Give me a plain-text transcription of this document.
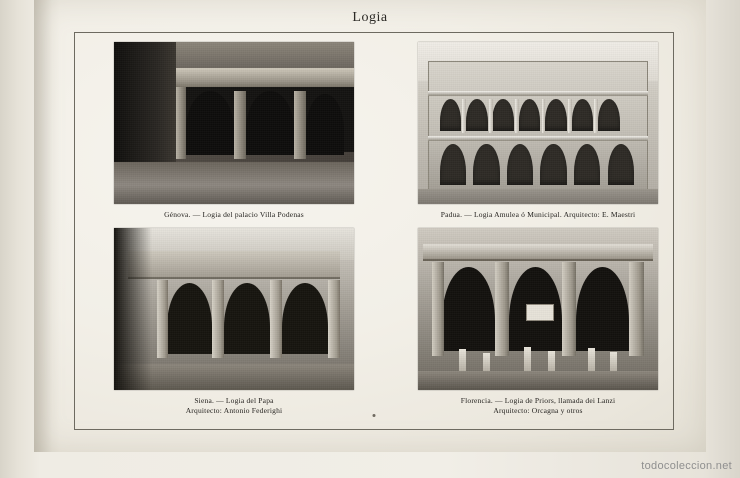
Logia
Génova. — Logia del palacio Villa Podenas	Padua. — Logia Amulea ó Municipal. Arquitecto: E. Maestri
Siena. — Logia del Papa
Arquitecto: Antonio Federighi
Florencia. — Logia de Priors, llamada dei Lanzi
Arquitecto: Orcagna y otros
todocoleccion.net
